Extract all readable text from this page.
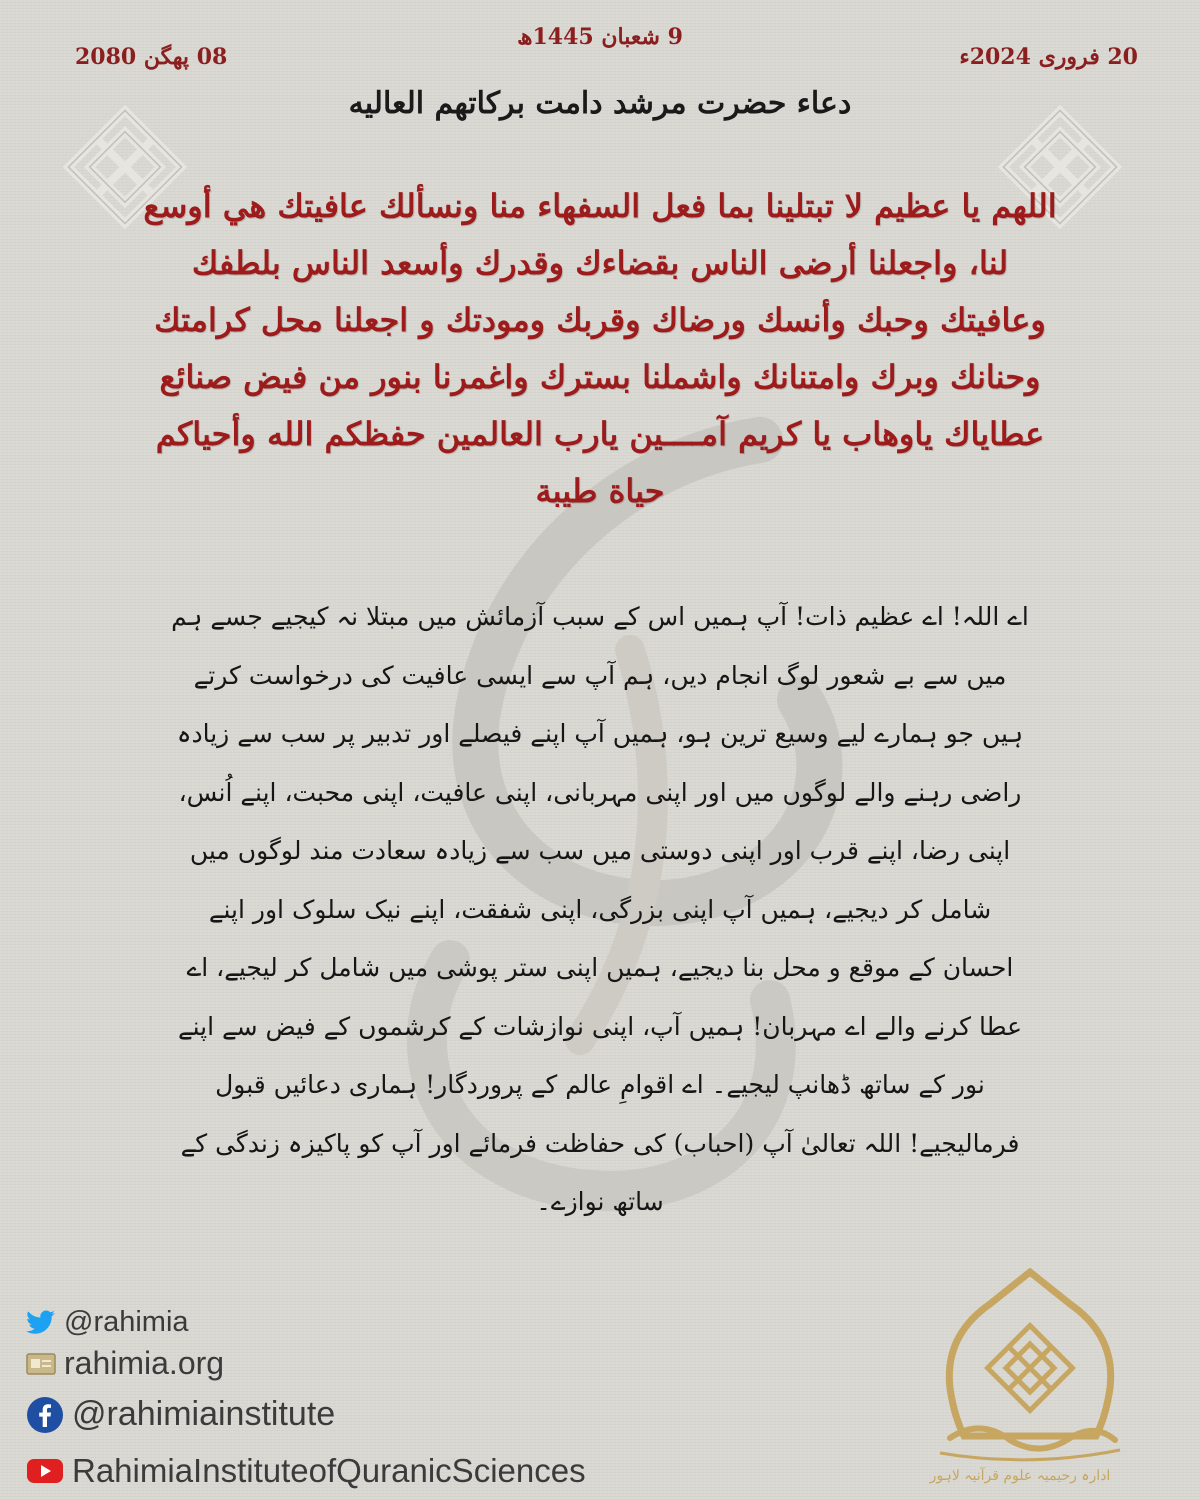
9 شعبان 1445ھ
20 فروری 2024ء
08 پھگن 2080
دعاء حضرت مرشد دامت برکاتهم العاليه

اللهم يا عظيم لا تبتلينا بما فعل السفهاء منا ونسألك عافيتك هي أوسع لنا، واجعلنا أرضى الناس بقضاءك وقدرك وأسعد الناس بلطفك وعافيتك وحبك وأنسك ورضاك وقربك ومودتك و اجعلنا محل كرامتك وحنانك وبرك وامتنانك واشملنا بسترك واغمرنا بنور من فيض صنائع عطاياك ياوهاب يا كريم آمــــين يارب العالمين حفظكم الله وأحياكم حياة طيبة

اے اللہ! اے عظیم ذات! آپ ہمیں اس کے سبب آزمائش میں مبتلا نہ کیجیے جسے ہم میں سے بے شعور لوگ انجام دیں، ہم آپ سے ایسی عافیت کی درخواست کرتے ہیں جو ہمارے لیے وسیع ترین ہو، ہمیں آپ اپنے فیصلے اور تدبیر پر سب سے زیادہ راضی رہنے والے لوگوں میں اور اپنی مہربانی، اپنی عافیت، اپنی محبت، اپنے اُنس، اپنی رضا، اپنے قرب اور اپنی دوستی میں سب سے زیادہ سعادت مند لوگوں میں شامل کر دیجیے، ہمیں آپ اپنی بزرگی، اپنی شفقت، اپنے نیک سلوک اور اپنے احسان کے موقع و محل بنا دیجیے، ہمیں اپنی ستر پوشی میں شامل کر لیجیے، اے عطا کرنے والے اے مہربان! ہمیں آپ، اپنی نوازشات کے کرشموں کے فیض سے اپنے نور کے ساتھ ڈھانپ لیجیے۔ اے اقوامِ عالم کے پروردگار! ہماری دعائیں قبول فرمالیجیے! اللہ تعالیٰ آپ (احباب) کی حفاظت فرمائے اور آپ کو پاکیزہ زندگی کے ساتھ نوازے۔

@rahimia
rahimia.org
@rahimiainstitute
RahimiaInstituteofQuranicSciences	ادارہ رحیمیہ علوم قرآنیہ لاہور
